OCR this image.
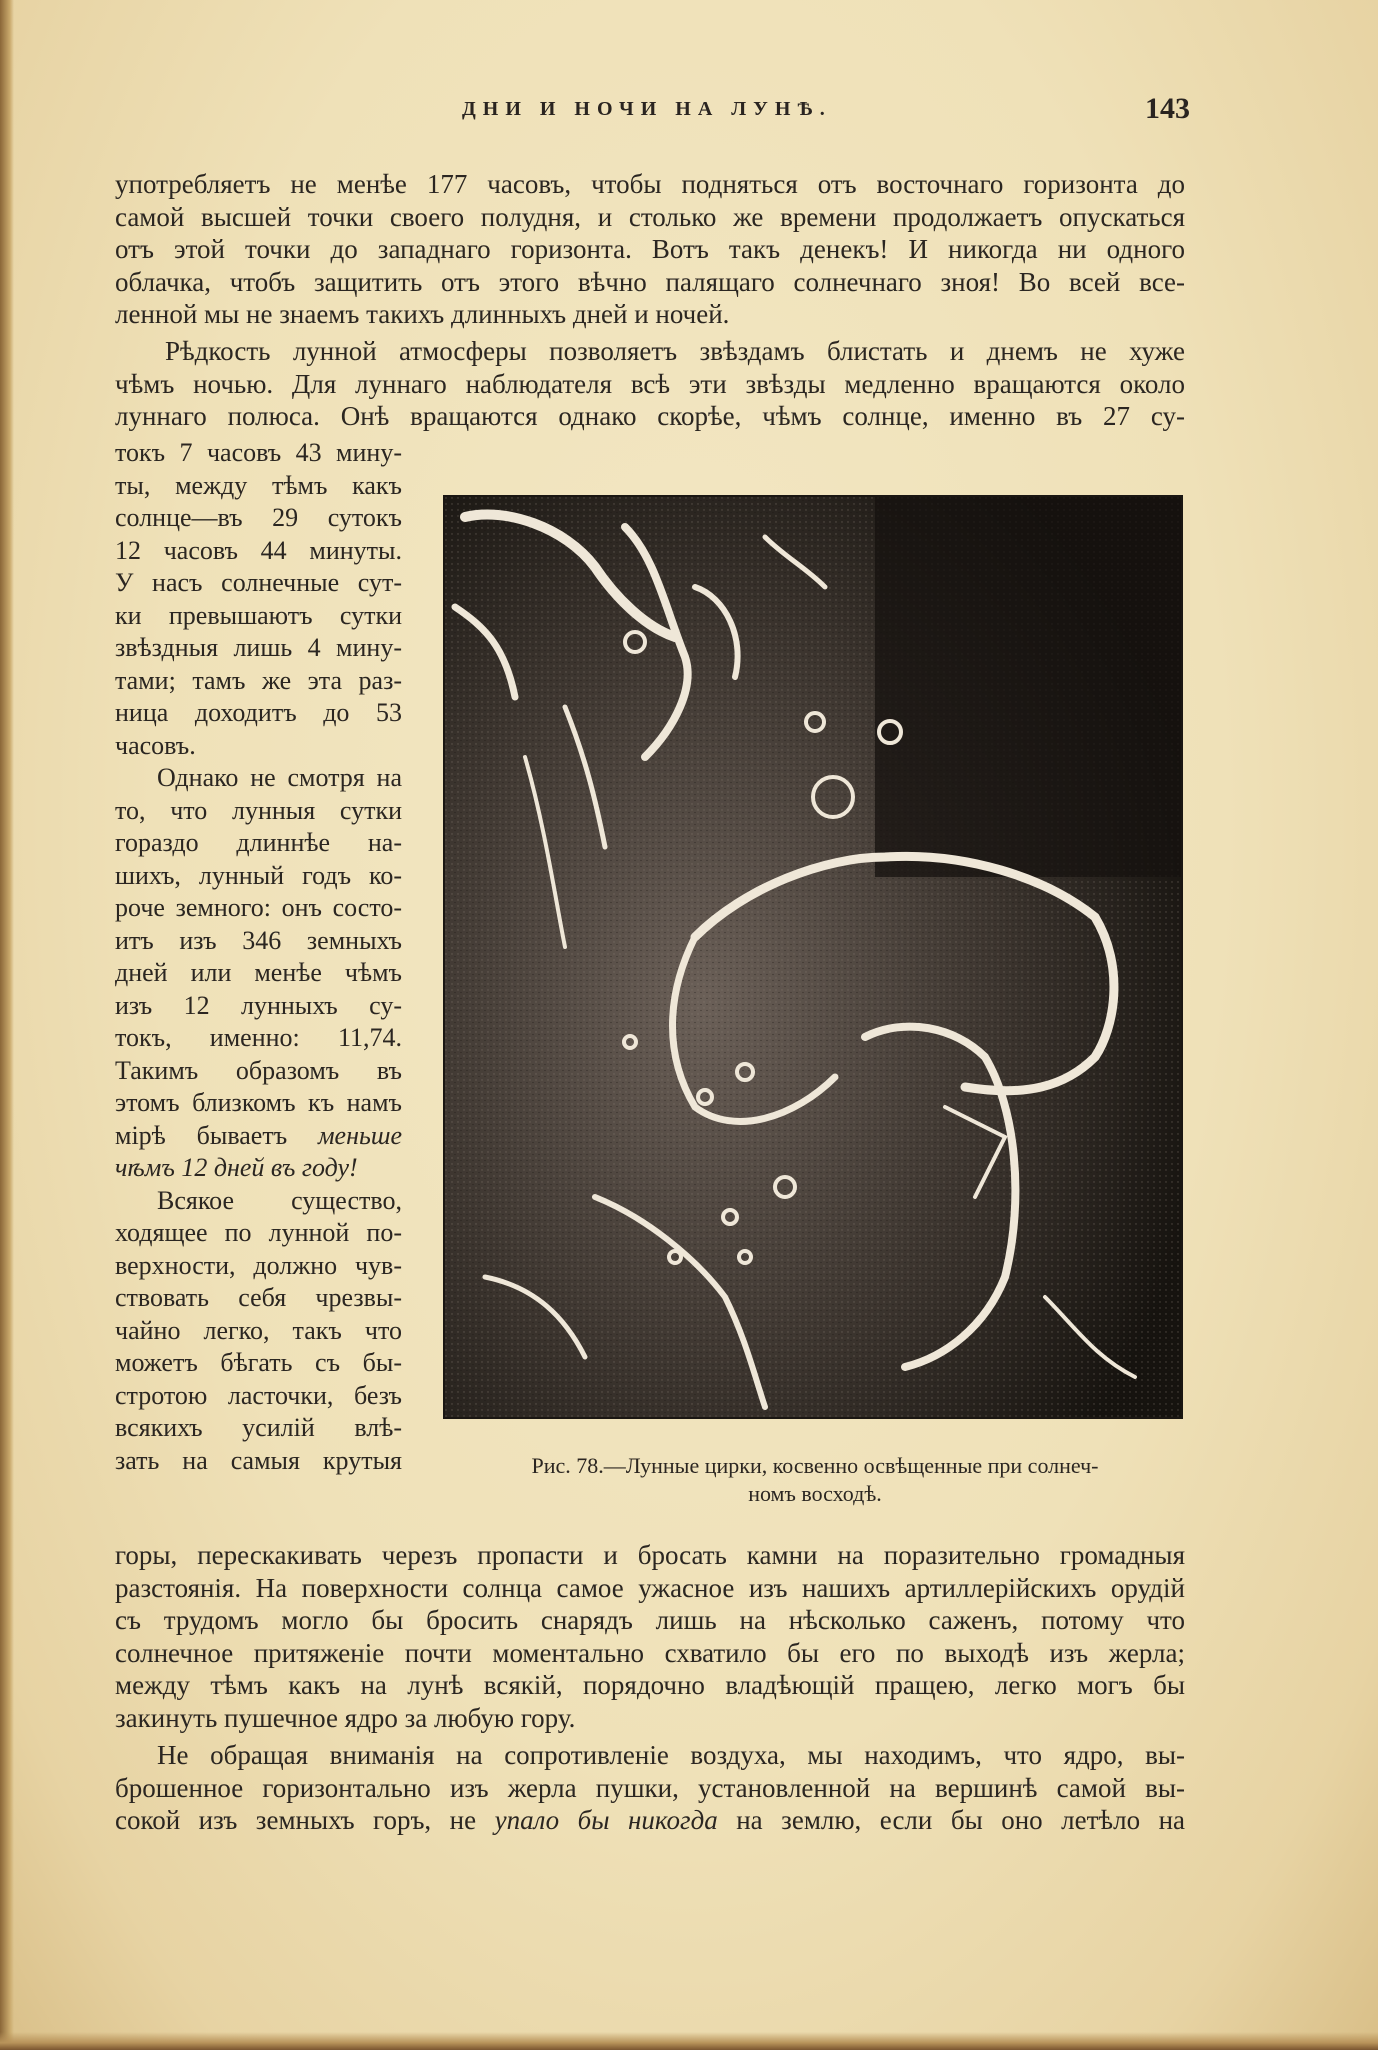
ДНИ И НОЧИ НА ЛУНѢ.	143
употребляетъ не менѣе 177 часовъ, чтобы подняться отъ восточнаго горизонта до
самой высшей точки своего полудня, и столько же времени продолжаетъ опускаться
отъ этой точки до западнаго горизонта. Вотъ такъ денекъ! И никогда ни одного
облачка, чтобъ защитить отъ этого вѣчно палящаго солнечнаго зноя! Во всей все-
ленной мы не знаемъ такихъ длинныхъ дней и ночей.
Рѣдкость лунной атмосферы позволяетъ звѣздамъ блистать и днемъ не хуже
чѣмъ ночью. Для луннаго наблюдателя всѣ эти звѣзды медленно вращаются около
луннаго полюса. Онѣ вращаются однако скорѣе, чѣмъ солнце, именно въ 27 су-
токъ 7 часовъ 43 мину-
ты, между тѣмъ какъ
солнце—въ 29 сутокъ
12 часовъ 44 минуты.
У насъ солнечные сут-
ки превышаютъ сутки
звѣздныя лишь 4 мину-
тами; тамъ же эта раз-
ница доходитъ до 53
часовъ.
Однако не смотря на
то, что лунныя сутки
гораздо длиннѣе на-
шихъ, лунный годъ ко-
роче земного: онъ состо-
итъ изъ 346 земныхъ
дней или менѣе чѣмъ
изъ 12 лунныхъ су-
токъ, именно: 11,74.
Такимъ образомъ въ
этомъ близкомъ къ намъ
мірѣ бываетъ меньше
чѣмъ 12 дней въ году!
Всякое существо,
ходящее по лунной по-
верхности, должно чув-
ствовать себя чрезвы-
чайно легко, такъ что
можетъ бѣгать съ бы-
стротою ласточки, безъ
всякихъ усилій влѣ-
зать на самыя крутыя	Рис. 78.—Лунные цирки, косвенно освѣщенные при солнеч-
номъ восходѣ.
горы, перескакивать черезъ пропасти и бросать камни на поразительно громадныя
разстоянія. На поверхности солнца самое ужасное изъ нашихъ артиллерійскихъ орудій
съ трудомъ могло бы бросить снарядъ лишь на нѣсколько саженъ, потому что
солнечное притяженіе почти моментально схватило бы его по выходѣ изъ жерла;
между тѣмъ какъ на лунѣ всякій, порядочно владѣющій пращею, легко могъ бы
закинуть пушечное ядро за любую гору.
Не обращая вниманія на сопротивленіе воздуха, мы находимъ, что ядро, вы-
брошенное горизонтально изъ жерла пушки, установленной на вершинѣ самой вы-
сокой изъ земныхъ горъ, не упало бы никогда на землю, если бы оно летѣло на
